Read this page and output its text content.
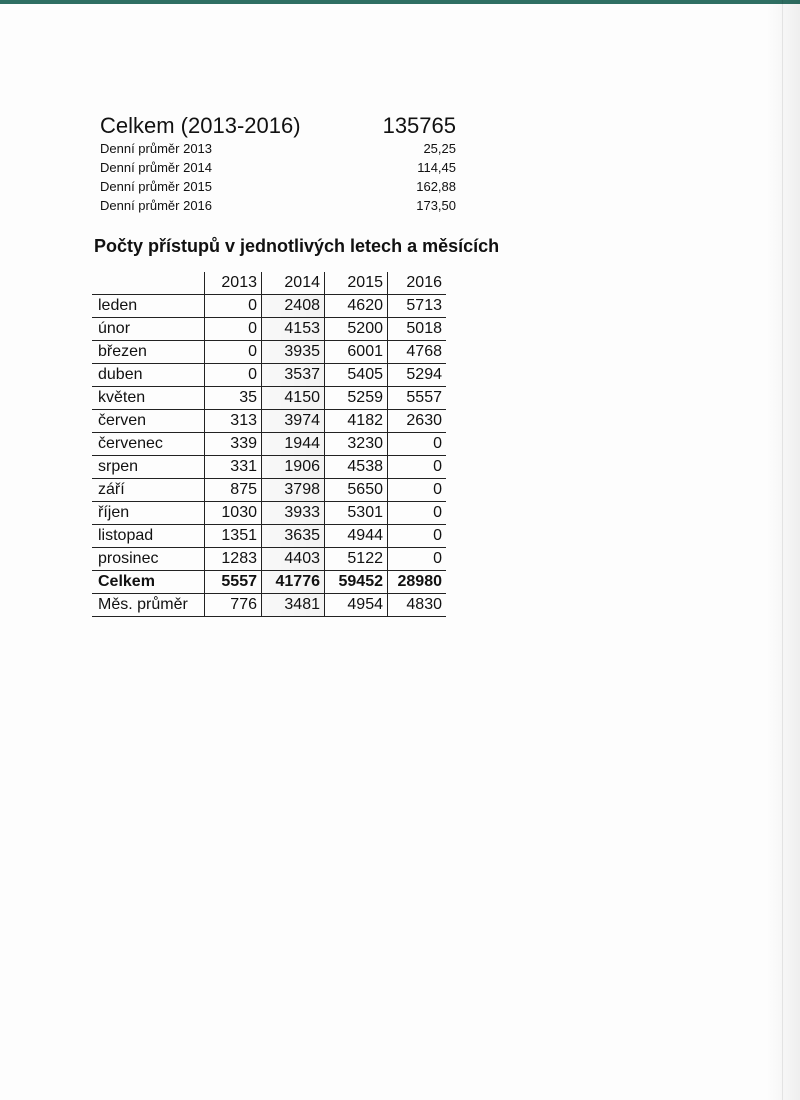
Celkem (2013-2016)	135765
Denní průměr 2013	25,25
Denní průměr 2014	114,45
Denní průměr 2015	162,88
Denní průměr 2016	173,50
Počty přístupů v jednotlivých letech a měsících
	2013	2014	2015	2016
leden	0	2408	4620	5713
únor	0	4153	5200	5018
březen	0	3935	6001	4768
duben	0	3537	5405	5294
květen	35	4150	5259	5557
červen	313	3974	4182	2630
červenec	339	1944	3230	0
srpen	331	1906	4538	0
září	875	3798	5650	0
říjen	1030	3933	5301	0
listopad	1351	3635	4944	0
prosinec	1283	4403	5122	0
Celkem	5557	41776	59452	28980
Měs. průměr	776	3481	4954	4830
